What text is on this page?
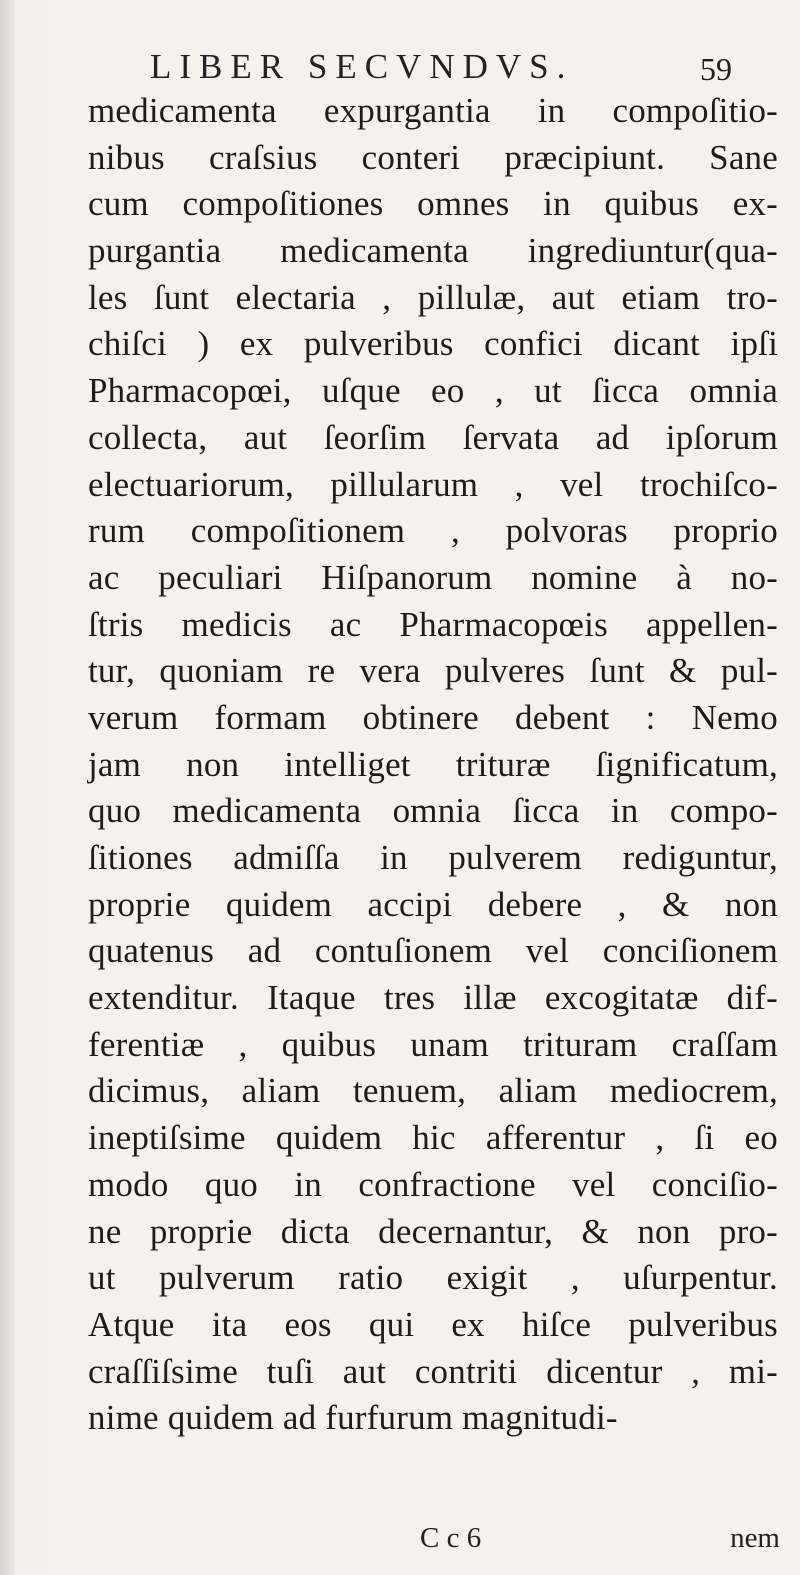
LIBER SECVNDVS.	59
medicamenta expurgantia in compoſitio-
nibus craſsius conteri præcipiunt. Sane
cum compoſitiones omnes in quibus ex-
purgantia medicamenta ingrediuntur(qua-
les ſunt electaria , pillulæ, aut etiam tro-
chiſci ) ex pulveribus confici dicant ipſi
Pharmacopœi, uſque eo , ut ſicca omnia
collecta, aut ſeorſim ſervata ad ipſorum
electuariorum, pillularum , vel trochiſco-
rum compoſitionem , polvoras proprio
ac peculiari Hiſpanorum nomine à no-
ſtris medicis ac Pharmacopœis appellen-
tur, quoniam re vera pulveres ſunt & pul-
verum formam obtinere debent : Nemo
jam non intelliget trituræ ſignificatum,
quo medicamenta omnia ſicca in compo-
ſitiones admiſſa in pulverem rediguntur,
proprie quidem accipi debere , & non
quatenus ad contuſionem vel conciſionem
extenditur. Itaque tres illæ excogitatæ dif-
ferentiæ , quibus unam trituram craſſam
dicimus, aliam tenuem, aliam mediocrem,
ineptiſsime quidem hic afferentur , ſi eo
modo quo in confractione vel conciſio-
ne proprie dicta decernantur, & non pro-
ut pulverum ratio exigit , uſurpentur.
Atque ita eos qui ex hiſce pulveribus
craſſiſsime tuſi aut contriti dicentur , mi-
nime quidem ad furfurum magnitudi-
C c 6	nem
